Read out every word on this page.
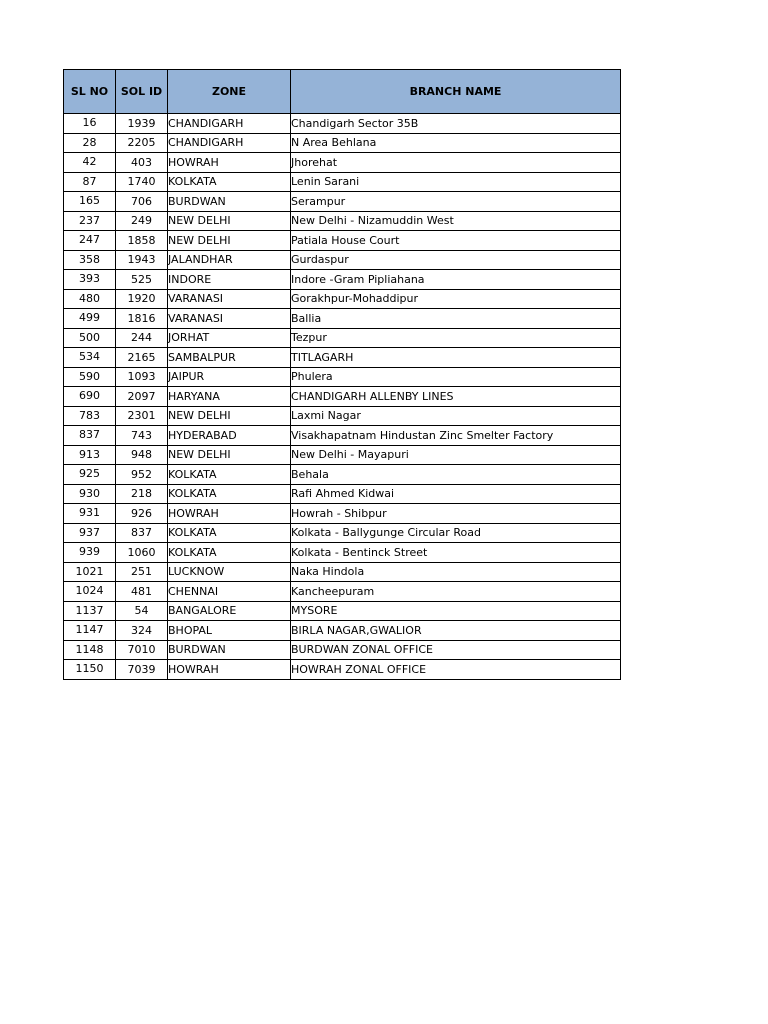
SL NO	SOL ID	ZONE	BRANCH NAME
16	1939	CHANDIGARH	Chandigarh Sector 35B
28	2205	CHANDIGARH	N Area Behlana
42	403	HOWRAH	Jhorehat
87	1740	KOLKATA	Lenin Sarani
165	706	BURDWAN	Serampur
237	249	NEW DELHI	New Delhi - Nizamuddin West
247	1858	NEW DELHI	Patiala House Court
358	1943	JALANDHAR	Gurdaspur
393	525	INDORE	Indore -Gram Pipliahana
480	1920	VARANASI	Gorakhpur-Mohaddipur
499	1816	VARANASI	Ballia
500	244	JORHAT	Tezpur
534	2165	SAMBALPUR	TITLAGARH
590	1093	JAIPUR	Phulera
690	2097	HARYANA	CHANDIGARH ALLENBY LINES
783	2301	NEW DELHI	Laxmi Nagar
837	743	HYDERABAD	Visakhapatnam Hindustan Zinc Smelter Factory
913	948	NEW DELHI	New Delhi - Mayapuri
925	952	KOLKATA	Behala
930	218	KOLKATA	Rafi Ahmed Kidwai
931	926	HOWRAH	Howrah - Shibpur
937	837	KOLKATA	Kolkata - Ballygunge Circular Road
939	1060	KOLKATA	Kolkata - Bentinck Street
1021	251	LUCKNOW	Naka Hindola
1024	481	CHENNAI	Kancheepuram
1137	54	BANGALORE	MYSORE
1147	324	BHOPAL	BIRLA NAGAR,GWALIOR
1148	7010	BURDWAN	BURDWAN ZONAL OFFICE
1150	7039	HOWRAH	HOWRAH ZONAL OFFICE
